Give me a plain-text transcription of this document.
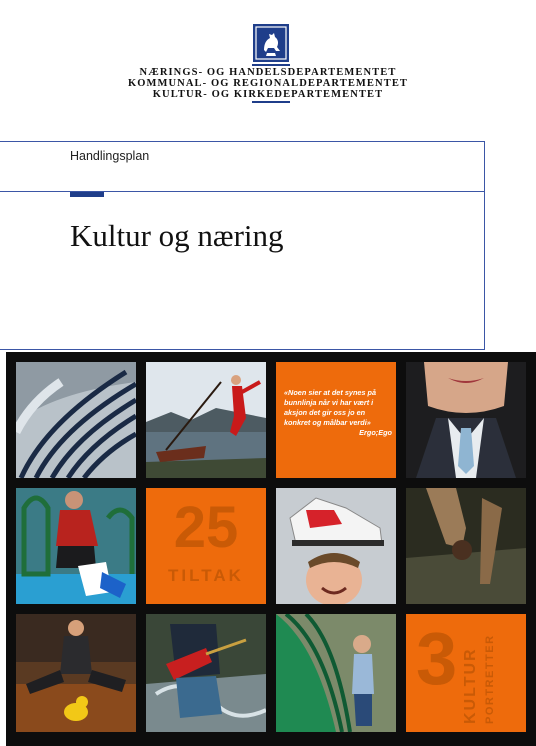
NÆRINGS- OG HANDELSDEPARTEMENTET
KOMMUNAL- OG REGIONALDEPARTEMENTET
KULTUR- OG KIRKEDEPARTEMENTET
Handlingsplan
Kultur og næring
«Noen sier at det synes på bunnlinja når vi har vært i aksjon det gir oss jo en konkret og målbar verdi»
Ergo;Ego
25
TILTAK
3 KULTUR PORTRETTER
